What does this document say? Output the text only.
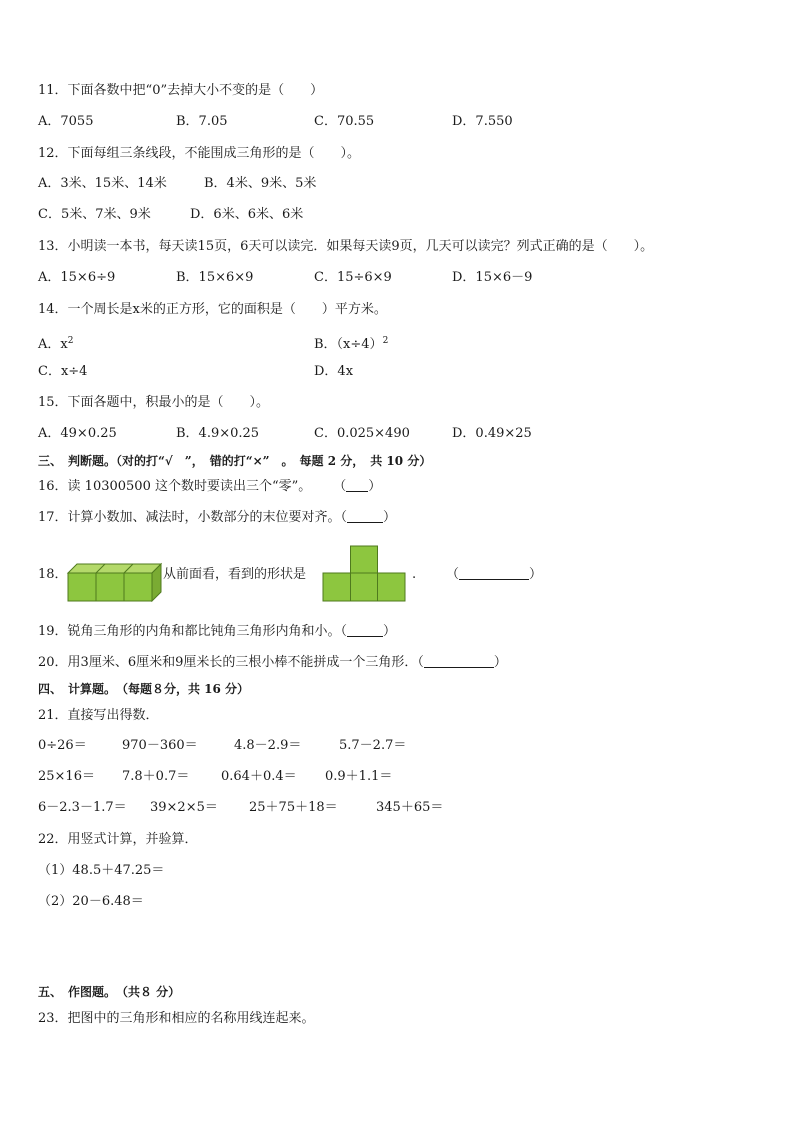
11．下面各数中把“0”去掉大小不变的是（　　）
A．7055	B．7.05	C．70.55	D．7.550
12．下面每组三条线段，不能围成三角形的是（　　）。
A．3米、15米、14米	B．4米、9米、5米
C．5米、7米、9米	D．6米、6米、6米
13．小明读一本书，每天读15页，6天可以读完．如果每天读9页，几天可以读完？列式正确的是（　　）。
A．15×6÷9	B．15×6×9	C．15÷6×9	D．15×6－9
14．一个周长是x米的正方形，它的面积是（　　）平方米。
A．$x^2$	B．$(x\div 4)^2$
C．x÷4	D．4x
15．下面各题中，积最小的是（　　）。
A．49×0.25	B．4.9×0.25	C．0.025×490	D．0.49×25
三、　判断题。（对的打“√　”，　错的打“×”　。　每题 2 分，　共 10 分）
16．读 10300500 这个数时要读出三个“零”。 （ ）
17．计算小数加、减法时，小数部分的末位要对齐。（	）
18．	从前面看，看到的形状是	. （	）
19．锐角三角形的内角和都比钝角三角形内角和小。（	）
20．用3厘米、6厘米和9厘米长的三根小棒不能拼成一个三角形．（	）
四、　计算题。　（每题８分，共 16 分）
21．直接写出得数．
0÷26＝	970－360＝	4.8－2.9＝	5.7－2.7＝
25×16＝ 7.8＋0.7＝ 0.64＋0.4＝ 0.9＋1.1＝
6－2.3－1.7＝ 39×2×5＝ 25＋75＋18＝	345＋65＝
22．用竖式计算，并验算．
（1）48.5＋47.25＝
（2）20－6.48＝
五、　作图题。　（共８ 分）
23．把图中的三角形和相应的名称用线连起来。
